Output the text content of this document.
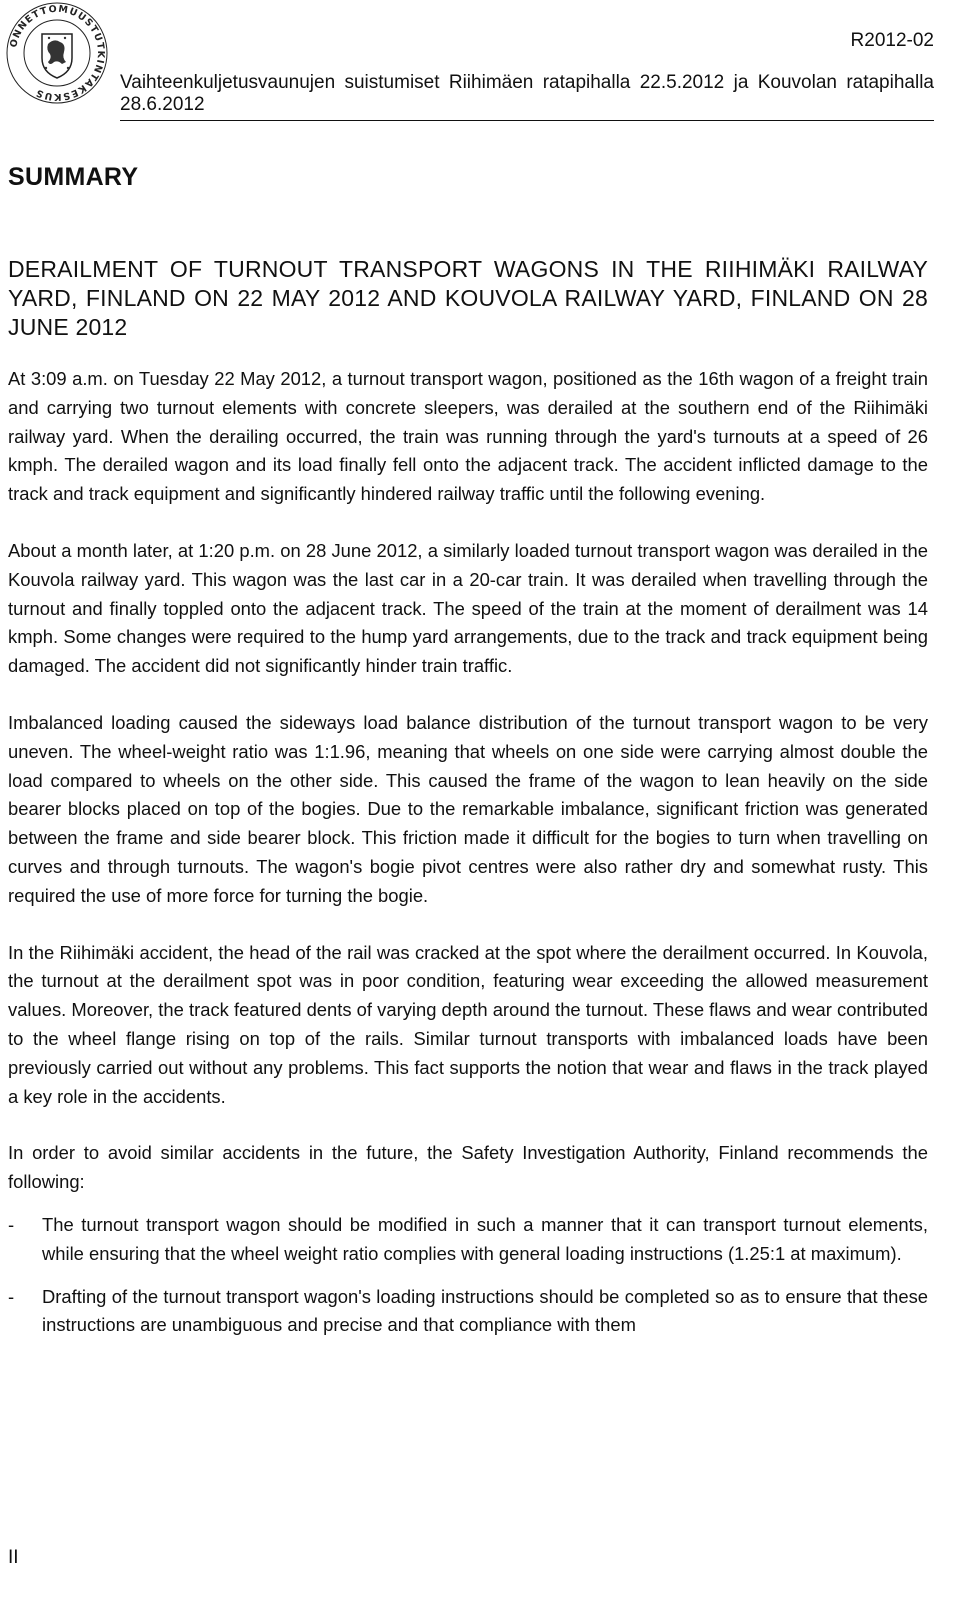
ONNETTOMUUSTUTKINTAKESKUS
R2012-02
Vaihteenkuljetusvaunujen suistumiset Riihimäen ratapihalla 22.5.2012 ja Kouvolan ratapihalla
28.6.2012
SUMMARY
DERAILMENT OF TURNOUT TRANSPORT WAGONS IN THE RIIHIMÄKI RAILWAY YARD, FINLAND ON 22 MAY 2012 AND KOUVOLA RAILWAY YARD, FINLAND ON 28 JUNE 2012

At 3:09 a.m. on Tuesday 22 May 2012, a turnout transport wagon, positioned as the 16th wagon of a freight train and carrying two turnout elements with concrete sleepers, was derailed at the southern end of the Riihimäki railway yard. When the derailing occurred, the train was running through the yard's turnouts at a speed of 26 kmph. The derailed wagon and its load finally fell onto the adjacent track. The accident inflicted damage to the track and track equipment and significantly hindered railway traffic until the following evening.

About a month later, at 1:20 p.m. on 28 June 2012, a similarly loaded turnout transport wagon was derailed in the Kouvola railway yard. This wagon was the last car in a 20-car train. It was derailed when travelling through the turnout and finally toppled onto the adjacent track. The speed of the train at the moment of derailment was 14 kmph. Some changes were required to the hump yard arrangements, due to the track and track equipment being damaged. The accident did not significantly hinder train traffic.

Imbalanced loading caused the sideways load balance distribution of the turnout transport wagon to be very uneven. The wheel-weight ratio was 1:1.96, meaning that wheels on one side were carrying almost double the load compared to wheels on the other side. This caused the frame of the wagon to lean heavily on the side bearer blocks placed on top of the bogies. Due to the remarkable imbalance, significant friction was generated between the frame and side bearer block. This friction made it difficult for the bogies to turn when travelling on curves and through turnouts. The wagon's bogie pivot centres were also rather dry and somewhat rusty. This required the use of more force for turning the bogie.

In the Riihimäki accident, the head of the rail was cracked at the spot where the derailment occurred. In Kouvola, the turnout at the derailment spot was in poor condition, featuring wear exceeding the allowed measurement values. Moreover, the track featured dents of varying depth around the turnout. These flaws and wear contributed to the wheel flange rising on top of the rails. Similar turnout transports with imbalanced loads have been previously carried out without any problems. This fact supports the notion that wear and flaws in the track played a key role in the accidents.

In order to avoid similar accidents in the future, the Safety Investigation Authority, Finland recommends the following:

-	The turnout transport wagon should be modified in such a manner that it can transport turnout elements, while ensuring that the wheel weight ratio complies with general loading instructions (1.25:1 at maximum).
-	Drafting of the turnout transport wagon's loading instructions should be completed so as to ensure that these instructions are unambiguous and precise and that compliance with them
II
